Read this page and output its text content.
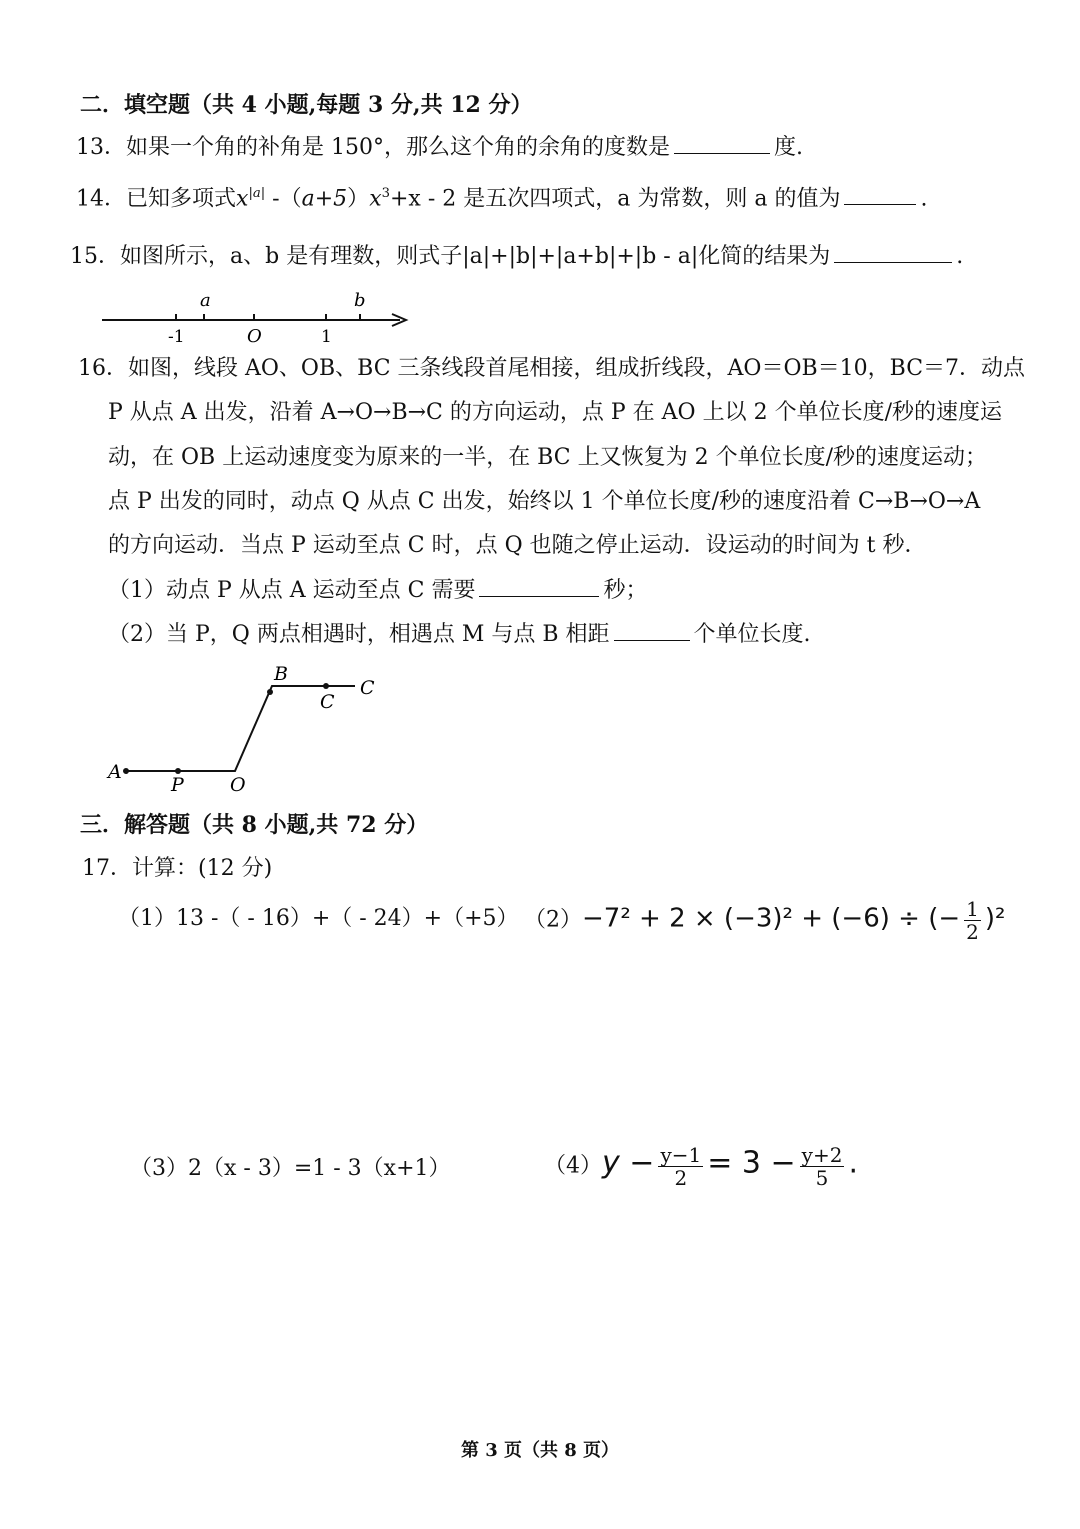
二．填空题（共 4 小题,每题 3 分,共 12 分）
13．如果一个角的补角是 150°，那么这个角的余角的度数是	度.
14．已知多项式$x^{|a|}$ $-(a+5)x^3+x - 2$ 是五次四项式，a 为常数，则 a 的值为	.
15．如图所示，a、b 是有理数，则式子|a|+|b|+|a+b|+|b - a|化简的结果为	.
a	b
-1	O	1
16．如图，线段 AO、OB、BC 三条线段首尾相接，组成折线段，AO＝OB＝10，BC＝7．动点
P 从点 A 出发，沿着 A→O→B→C 的方向运动，点 P 在 AO 上以 2 个单位长度/秒的速度运
动，在 OB 上运动速度变为原来的一半，在 BC 上又恢复为 2 个单位长度/秒的速度运动；
点 P 出发的同时，动点 Q 从点 C 出发，始终以 1 个单位长度/秒的速度沿着 C→B→O→A
的方向运动．当点 P 运动至点 C 时，点 Q 也随之停止运动．设运动的时间为 t 秒．
（1）动点 P 从点 A 运动至点 C 需要	秒；
（2）当 P，Q 两点相遇时，相遇点 M 与点 B 相距	个单位长度.
A
P O
B
C
C
三．解答题（共 8 小题,共 72 分）
17．计算：(12 分)
（1）13 -（ - 16）+（ - 24）+（+5） （2）−7² + 2 × (−3)² + (−6) ÷ (− $\frac{1}{2} )^2$
（3）2（x - 3）=1 - 3（x+1）	$(4)y - \frac{y-1}{2} = 3 - \frac{y+2}{5}$ .
第 3 页（共 8 页）
